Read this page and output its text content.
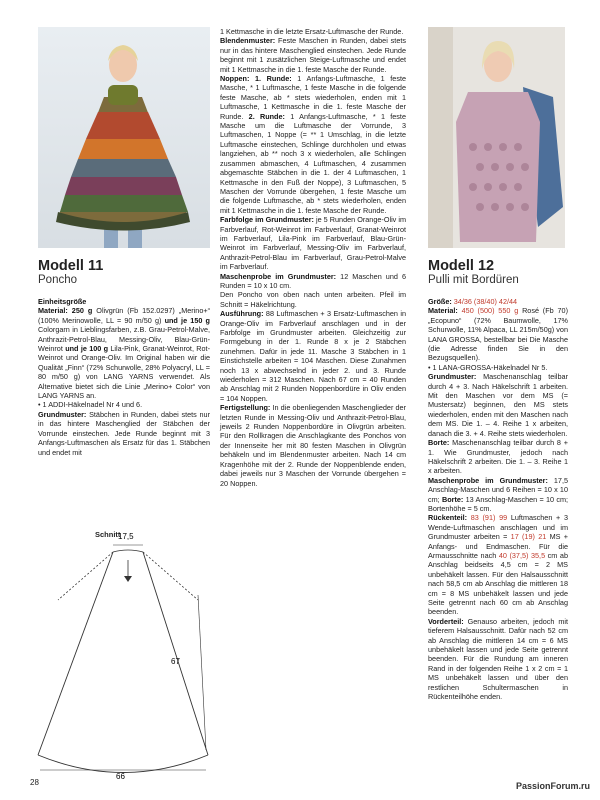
Modell 11
Poncho

Einheitsgröße

Material: 250 g Olivgrün (Fb 152.0297) „Merino+“ (100% Merinowolle, LL = 90 m/50 g) und je 150 g Colorgarn in Lieblingsfarben, z.B. Grau-Petrol-Malve, Anthrazit-Petrol-Blau, Messing-Oliv, Blau-Grün-Weinrot und je 100 g Lila-Pink, Granat-Weinrot, Rot-Weinrot und Orange-Oliv. Im Original haben wir die Qualität „Finn“ (72% Schurwolle, 28% Polyacryl, LL = 80 m/50 g) von LANG YARNS verwendet. Als Alternative bietet sich die Linie „Merino+ Color“ von LANG YARNS an.

• 1 ADDI-Häkelnadel Nr 4 und 6.

Grundmuster: Stäbchen in Runden, dabei stets nur in das hintere Maschenglied der Stäbchen der Vorrunde einstechen. Jede Runde beginnt mit 3 Anfangs-Luftmaschen als Ersatz für das 1. Stäbchen und endet mit

Schnitt
17,5
67
66

1 Kettmasche in die letzte Ersatz-Luftmasche der Runde.

Blendenmuster: Feste Maschen in Runden, dabei stets nur in das hintere Maschenglied einstechen. Jede Runde beginnt mit 1 zusätzlichen Steige-Luftmasche und endet mit 1 Kettmasche in die 1. feste Masche der Runde.

Noppen: 1. Runde: 1 Anfangs-Luftmasche, 1 feste Masche, * 1 Luftmasche, 1 feste Masche in die folgende feste Masche, ab * stets wiederholen, enden mit 1 Luftmasche, 1 Kettmasche in die 1. feste Masche der Runde. 2. Runde: 1 Anfangs-Luftmasche, * 1 feste Masche um die Luftmasche der Vorrunde, 3 Luftmaschen, 1 Noppe (= ** 1 Umschlag, in die letzte Luftmasche einstechen, Schlinge durchholen und etwas langziehen, ab ** noch 3 x wiederholen, alle Schlingen zusammen abmaschen, 4 Luftmaschen, 4 zusammen abgemaschte Stäbchen in die 1. der 4 Luftmaschen, 1 Kettmasche in den Fuß der Noppe), 3 Luftmaschen, 5 Maschen der Vorrunde übergehen, 1 feste Masche um die folgende Luftmasche, ab * stets wiederholen, enden mit 1 Kettmasche in die 1. feste Masche der Runde.

Farbfolge im Grundmuster: je 5 Runden Orange-Oliv im Farbverlauf, Rot-Weinrot im Farbverlauf, Granat-Weinrot im Farbverlauf, Lila-Pink im Farbverlauf, Blau-Grün-Weinrot im Farbverlauf, Messing-Oliv im Farbverlauf, Anthrazit-Petrol-Blau im Farbverlauf, Grau-Petrol-Malve im Farbverlauf.

Maschenprobe im Grundmuster: 12 Maschen und 6 Runden = 10 x 10 cm.

Den Poncho von oben nach unten arbeiten. Pfeil im Schnitt = Häkelrichtung.

Ausführung: 88 Luftmaschen + 3 Ersatz-Luftmaschen in Orange-Oliv im Farbverlauf anschlagen und in der Farbfolge im Grundmuster arbeiten. Gleichzeitig zur Formgebung in der 1. Runde 8 x je 2 Stäbchen zunehmen. Dafür in jede 11. Masche 3 Stäbchen in 1 Einstichstelle arbeiten = 104 Maschen. Diese Zunahmen noch 13 x abwechselnd in jeder 2. und 3. Runde wiederholen = 312 Maschen. Nach 67 cm = 40 Runden ab Anschlag mit 2 Runden Noppenbordüre in Oliv enden = 104 Noppen.

Fertigstellung: In die obenliegenden Maschenglieder der letzten Runde in Messing-Oliv und Anthrazit-Petrol-Blau, jeweils 2 Runden Noppenbordüre in Olivgrün arbeiten. Für den Rollkragen die Anschlagkante des Ponchos von der Innenseite her mit 80 festen Maschen in Olivgrün behäkeln und im Blendenmuster arbeiten. Nach 14 cm Kragenhöhe mit der 2. Runde der Noppenblende enden, dabei jeweils nur 3 Maschen der Vorrunde übergehen = 20 Noppen.

Modell 12
Pulli mit Bordüren

Größe: 34/36 (38/40) 42/44

Material: 450 (500) 550 g Rosé (Fb 70) „Ecopuno“ (72% Baumwolle, 17% Schurwolle, 11% Alpaca, LL 215m/50g) von LANA GROSSA, bestellbar bei Die Masche (die Adresse finden Sie in den Bezugsquellen).

• 1 LANA-GROSSA-Häkelnadel Nr 5.

Grundmuster: Maschenanschlag teilbar durch 4 + 3. Nach Häkelschrift 1 arbeiten. Mit den Maschen vor dem MS (= Mustersatz) beginnen, den MS stets wiederholen, enden mit den Maschen nach dem MS. Die 1. – 4. Reihe 1 x arbeiten, danach die 3. + 4. Reihe stets wiederholen.

Borte: Maschenanschlag teilbar durch 8 + 1. Wie Grundmuster, jedoch nach Häkelschrift 2 arbeiten. Die 1. – 3. Reihe 1 x arbeiten.

Maschenprobe im Grundmuster: 17,5 Anschlag-Maschen und 6 Reihen = 10 x 10 cm; Borte: 13 Anschlag-Maschen = 10 cm; Bortenhöhe = 5 cm.

Rückenteil: 83 (91) 99 Luftmaschen + 3 Wende-Luftmaschen anschlagen und im Grundmuster arbeiten = 17 (19) 21 MS + Anfangs- und Endmaschen. Für die Armausschnitte nach 40 (37,5) 35,5 cm ab Anschlag beidseits 4,5 cm = 2 MS unbehäkelt lassen. Für den Halsausschnitt nach 58,5 cm ab Anschlag die mittleren 18 cm = 8 MS unbehäkelt lassen und jede Seite getrennt nach 60 cm ab Anschlag beenden.

Vorderteil: Genauso arbeiten, jedoch mit tieferem Halsausschnitt. Dafür nach 52 cm ab Anschlag die mittleren 14 cm = 6 MS unbehäkelt lassen und jede Seite getrennt beenden. Für die Rundung am inneren Rand in der folgenden Reihe 1 x 2 cm = 1 MS unbehäkelt lassen und über den restlichen Schultermaschen in Rückenteilhöhe enden.

28	PassionForum.ru
